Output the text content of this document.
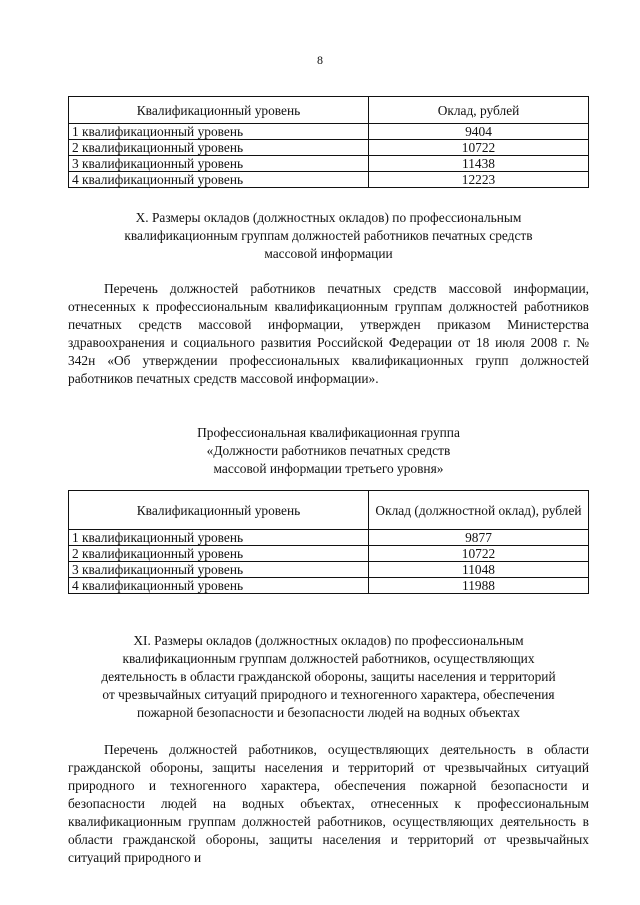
8
Квалификационный уровень	Оклад, рублей
1 квалификационный уровень	9404
2 квалификационный уровень	10722
3 квалификационный уровень	11438
4 квалификационный уровень	12223
X. Размеры окладов (должностных окладов) по профессиональным
квалификационным группам должностей работников печатных средств
массовой информации
Перечень должностей работников печатных средств массовой информации, отнесенных к профессиональным квалификационным группам должностей работников печатных средств массовой информации, утвержден приказом Министерства здравоохранения и социального развития Российской Федерации от 18 июля 2008 г. № 342н «Об утверждении профессиональных квалификационных групп должностей работников печатных средств массовой информации».
Профессиональная квалификационная группа
«Должности работников печатных средств
массовой информации третьего уровня»
Квалификационный уровень	Оклад (должностной оклад), рублей
1 квалификационный уровень	9877
2 квалификационный уровень	10722
3 квалификационный уровень	11048
4 квалификационный уровень	11988
XI. Размеры окладов (должностных окладов) по профессиональным
квалификационным группам должностей работников, осуществляющих
деятельность в области гражданской обороны, защиты населения и территорий
от чрезвычайных ситуаций природного и техногенного характера, обеспечения
пожарной безопасности и безопасности людей на водных объектах
Перечень должностей работников, осуществляющих деятельность в области гражданской обороны, защиты населения и территорий от чрезвычайных ситуаций природного и техногенного характера, обеспечения пожарной безопасности и безопасности людей на водных объектах, отнесенных к профессиональным квалификационным группам должностей работников, осуществляющих деятельность в области гражданской обороны, защиты населения и территорий от чрезвычайных ситуаций природного и
